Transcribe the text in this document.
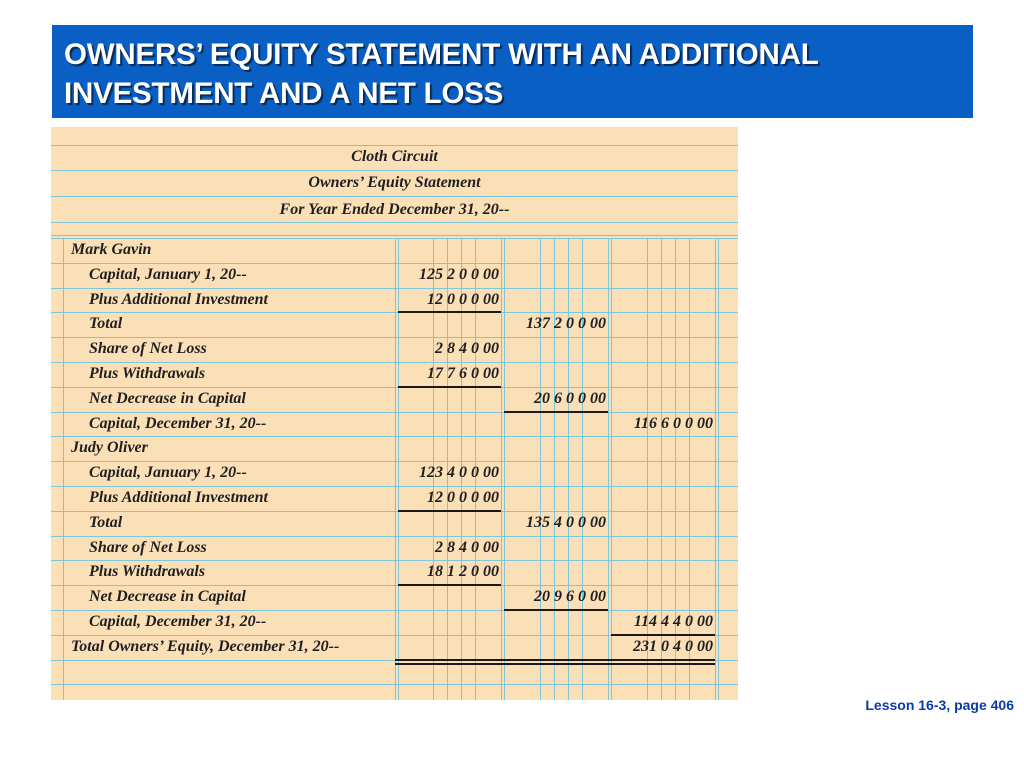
OWNERS’ EQUITY STATEMENT WITH AN ADDITIONAL
INVESTMENT AND A NET LOSS
Cloth Circuit
Owners’ Equity Statement
For Year Ended December 31, 20--
Mark Gavin
Capital, January 1, 20--	125 2 0 0 00
Plus Additional Investment	12 0 0 0 00
Total	137 2 0 0 00
Share of Net Loss	2 8 4 0 00
Plus Withdrawals	17 7 6 0 00
Net Decrease in Capital	20 6 0 0 00
Capital, December 31, 20--	116 6 0 0 00
Judy Oliver
Capital, January 1, 20--	123 4 0 0 00
Plus Additional Investment	12 0 0 0 00
Total	135 4 0 0 00
Share of Net Loss	2 8 4 0 00
Plus Withdrawals	18 1 2 0 00
Net Decrease in Capital	20 9 6 0 00
Capital, December 31, 20--	114 4 4 0 00
Total Owners’ Equity, December 31, 20--	231 0 4 0 00
Lesson 16-3, page 406
